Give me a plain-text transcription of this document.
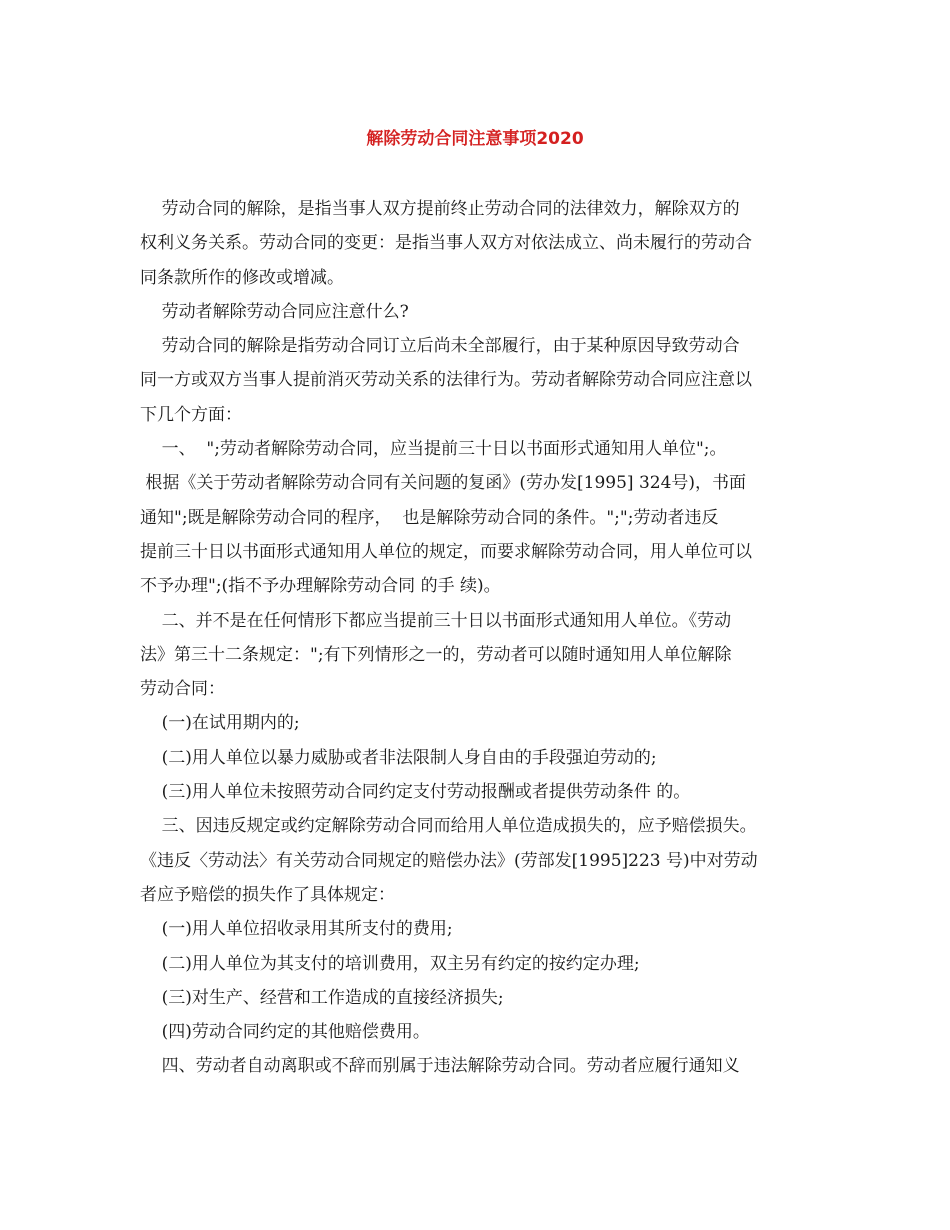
解除劳动合同注意事项2020
劳动合同的解除，是指当事人双方提前终止劳动合同的法律效力，解除双方的
权利义务关系。劳动合同的变更：是指当事人双方对依法成立、尚未履行的劳动合
同条款所作的修改或增减。
劳动者解除劳动合同应注意什么?
劳动合同的解除是指劳动合同订立后尚未全部履行，由于某种原因导致劳动合
同一方或双方当事人提前消灭劳动关系的法律行为。劳动者解除劳动合同应注意以
下几个方面：
一、  ";劳动者解除劳动合同，应当提前三十日以书面形式通知用人单位";。
根据《关于劳动者解除劳动合同有关问题的复函》(劳办发[1995] 324号)，书面
通知";既是解除劳动合同的程序，  也是解除劳动合同的条件。";";劳动者违反
提前三十日以书面形式通知用人单位的规定，而要求解除劳动合同，用人单位可以
不予办理";(指不予办理解除劳动合同 的手 续)。
二、并不是在任何情形下都应当提前三十日以书面形式通知用人单位。《劳动
法》第三十二条规定：";有下列情形之一的，劳动者可以随时通知用人单位解除
劳动合同：
(一)在试用期内的;
(二)用人单位以暴力威胁或者非法限制人身自由的手段强迫劳动的;
(三)用人单位未按照劳动合同约定支付劳动报酬或者提供劳动条件 的。
三、因违反规定或约定解除劳动合同而给用人单位造成损失的，应予赔偿损失。
《违反〈劳动法〉有关劳动合同规定的赔偿办法》(劳部发[1995]223 号)中对劳动
者应予赔偿的损失作了具体规定：
(一)用人单位招收录用其所支付的费用;
(二)用人单位为其支付的培训费用，双主另有约定的按约定办理;
(三)对生产、经营和工作造成的直接经济损失;
(四)劳动合同约定的其他赔偿费用。
四、劳动者自动离职或不辞而别属于违法解除劳动合同。劳动者应履行通知义
